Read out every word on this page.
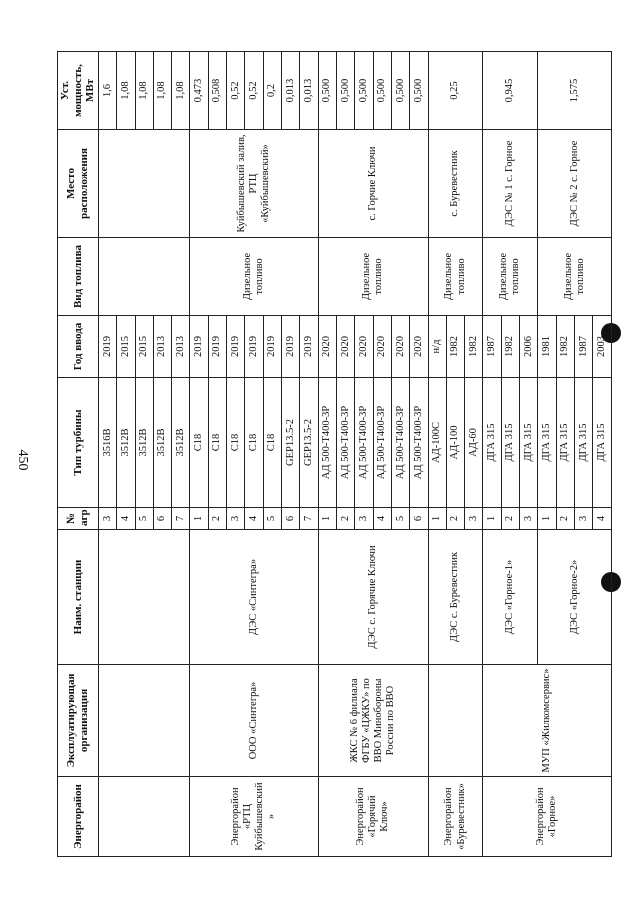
450
Энергорайон	Эксплуатирующая организация	Наим. станции	№ агр	Тип турбины	Год ввода	Вид топлива	Место расположения	Уст. мощность, МВт
			3	3516B	2019			1,6
			4	3512B	2015			1,08
			5	3512B	2015			1,08
			6	3512B	2013			1,08
			7	3512B	2013			1,08
Энергорайон «РТЦ Куйбышевский »	ООО «Синтегра»	ДЭС «Синтегра»	1	C18	2019	Дизельное топливо	Куйбышевский залив, РТЦ «Куйбышевский»	0,473
			2	C18	2019			0,508
			3	C18	2019			0,52
			4	C18	2019			0,52
			5	C18	2019			0,2
			6	GEP13.5-2	2019			0,013
			7	GEP13.5-2	2019			0,013
Энергорайон «Горячий Ключ»	ЖКС № 6 филиала ФГБУ «ЦЖКУ» по ВВО Минобороны России по ВВО	ДЭС с. Горячие Ключи	1	АД 500-Т400-3Р	2020	Дизельное топливо	с. Горчие Ключи	0,500
			2	АД 500-Т400-3Р	2020			0,500
			3	АД 500-Т400-3Р	2020			0,500
			4	АД 500-Т400-3Р	2020			0,500
			5	АД 500-Т400-3Р	2020			0,500
			6	АД 500-Т400-3Р	2020			0,500
Энергорайон «Буревестник»		ДЭС с. Буревестник	1	АД-100С	н/д	Дизельное топливо	с. Буревестник	0,25
			2	АД-100	1982			
			3	АД-60	1982			
Энергорайон «Горное»	МУП «Жилкомсервис»	ДЭС «Горное-1»	1	ДГА 315	1987	Дизельное топливо	ДЭС № 1 с. Горное	0,945
			2	ДГА 315	1982			
			3	ДГА 315	2006			
		ДЭС «Горное-2»	1	ДГА 315	1981	Дизельное топливо	ДЭС № 2 с. Горное	1,575
			2	ДГА 315	1982			
			3	ДГА 315	1987			
			4	ДГА 315	2003			
